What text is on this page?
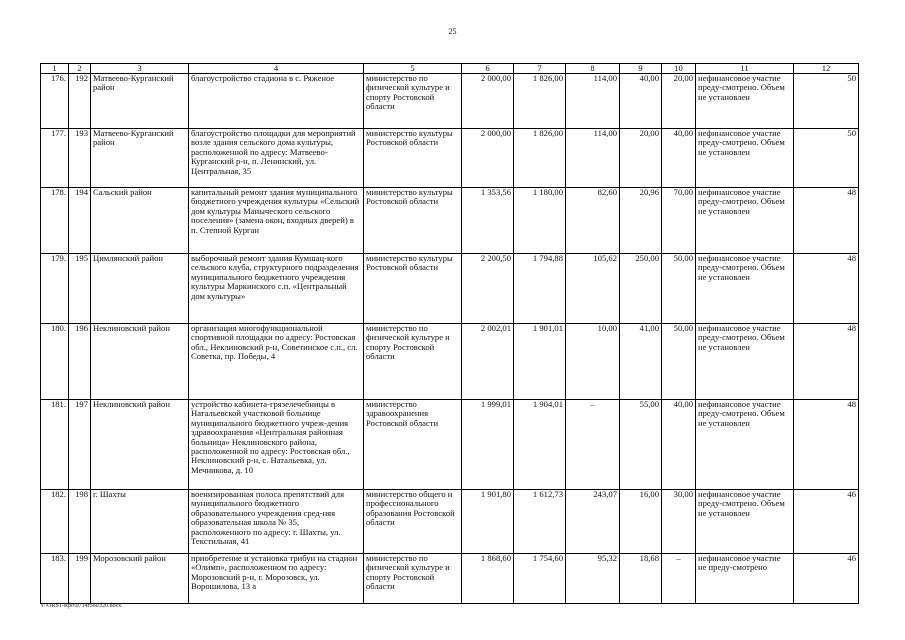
25
1	2	3	4	5	6	7	8	9	10	11	12
176.	192	Матвеево-Курганский район	благоустройство стадиона в с. Ряженое	министерство по физической культуре и спорту Ростовской области	2 000,00	1 826,00	114,00	40,00	20,00	нефинансовое участие преду-смотрено. Объем не установлен	50
177.	193	Матвеево-Курганский район	благоустройство площадки для мероприятий возле здания сельского дома культуры, расположенной по адресу: Матвеево-Курганский р-н, п. Ленинский, ул. Центральная, 35	министерство культуры Ростовской области	2 000,00	1 826,00	114,00	20,00	40,00	нефинансовое участие преду-смотрено. Объем не установлен	50
178.	194	Сальский район	капитальный ремонт здания муниципального бюджетного учреждения культуры «Сельский дом культуры Маныческого сельского поселения» (замена окон, входных дверей) в п. Степной Курган	министерство культуры Ростовской области	1 353,56	1 180,00	82,60	20,96	70,00	нефинансовое участие преду-смотрено. Объем не установлен	48
179.	195	Цимлянский район	выборочный ремонт здания Кумшац-кого сельского клуба, структурного подразделения муниципального бюджетного учреждения культуры Маркинского с.п. «Центральный дом культуры»	министерство культуры Ростовской области	2 200,50	1 794,88	105,62	250,00	50,00	нефинансовое участие преду-смотрено. Объем не установлен	48
180.	196	Неклиновский район	организация многофункциональной спортивной площадки по адресу: Ростовская обл., Неклиновский р-н, Советинское с.п., сл. Советка, пр. Победы, 4	министерство по физической культуре и спорту Ростовской области	2 002,01	1 901,01	10,00	41,00	50,00	нефинансовое участие преду-смотрено. Объем не установлен	48
181.	197	Неклиновский район	устройство кабинета-грязелечебницы в Натальевской участковой больнице муниципального бюджетного учреж-дения здравоохранения «Центральная районная больница» Неклиновского района, расположенной по адресу: Ростовская обл., Неклиновский р-н, с. Натальевка, ул. Мечникова, д. 10	министерство здравоохранения Ростовской области	1 999,01	1 904,01	–	55,00	40,00	нефинансовое участие преду-смотрено. Объем не установлен	48
182.	198	г. Шахты	военизированная полоса препятствий для муниципального бюджетного образовательного учреждения сред-няя образовательная школа № 35, расположенного по адресу: г. Шахты, ул. Текстильная, 41	министерство общего и профессионального образования Ростовской области	1 901,80	1 612,73	243,07	16,00	30,00	нефинансовое участие преду-смотрено. Объем не установлен	46
183.	199	Морозовский район	приобретение и установка трибун на стадион «Олимп», расположенном по адресу: Морозовский р-н, г. Морозовск, ул. Ворошилова, 13 а	министерство по физической культуре и спорту Ростовской области	1 868,60	1 754,60	95,32	18,68	–	нефинансовое участие не преду-смотрено	46
Y:\ORST-Rpo\0714r560.f20.docx
